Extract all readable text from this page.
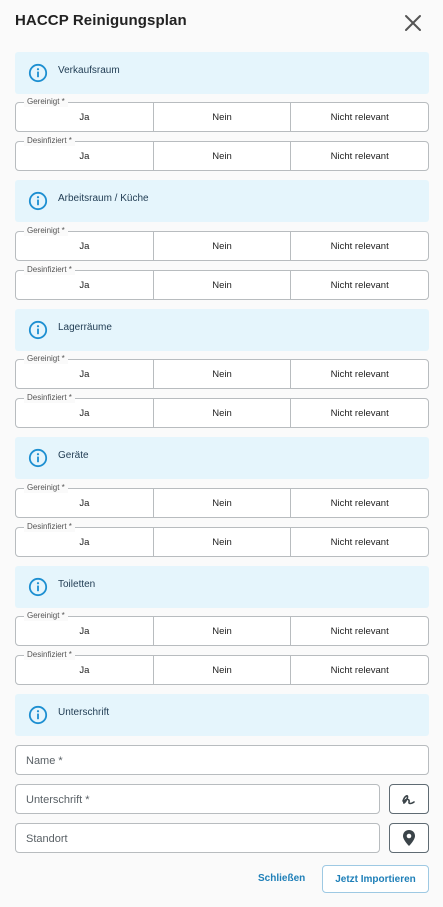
HACCP Reinigungsplan
Verkaufsraum
Gereinigt *
Ja	Nein	Nicht relevant
Desinfiziert *
Ja	Nein	Nicht relevant
Arbeitsraum / Küche
Gereinigt *
Ja	Nein	Nicht relevant
Desinfiziert *
Ja	Nein	Nicht relevant
Lagerräume
Gereinigt *
Ja	Nein	Nicht relevant
Desinfiziert *
Ja	Nein	Nicht relevant
Geräte
Gereinigt *
Ja	Nein	Nicht relevant
Desinfiziert *
Ja	Nein	Nicht relevant
Toiletten
Gereinigt *
Ja	Nein	Nicht relevant
Desinfiziert *
Ja	Nein	Nicht relevant
Unterschrift
Name *
Unterschrift *
Standort
Schließen	Jetzt Importieren
